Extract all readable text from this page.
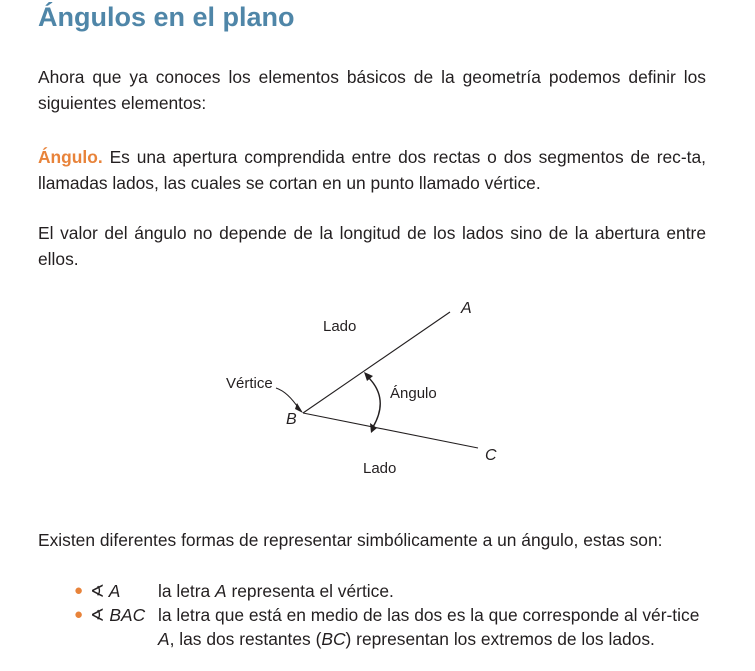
Ángulos en el plano

Ahora que ya conoces los elementos básicos de la geometría podemos definir los siguientes elementos:

Ángulo. Es una apertura comprendida entre dos rectas o dos segmentos de rec-ta, llamadas lados, las cuales se cortan en un punto llamado vértice.

El valor del ángulo no depende de la longitud de los lados sino de la abertura entre ellos.

A
B
C
Lado
Lado
Vértice
Ángulo

Existen diferentes formas de representar simbólicamente a un ángulo, estas son:

● ∢ A	la letra A representa el vértice.
● ∢ BAC la letra que está en medio de las dos es la que corresponde al vér-tice A, las dos restantes (BC) representan los extremos de los lados.
